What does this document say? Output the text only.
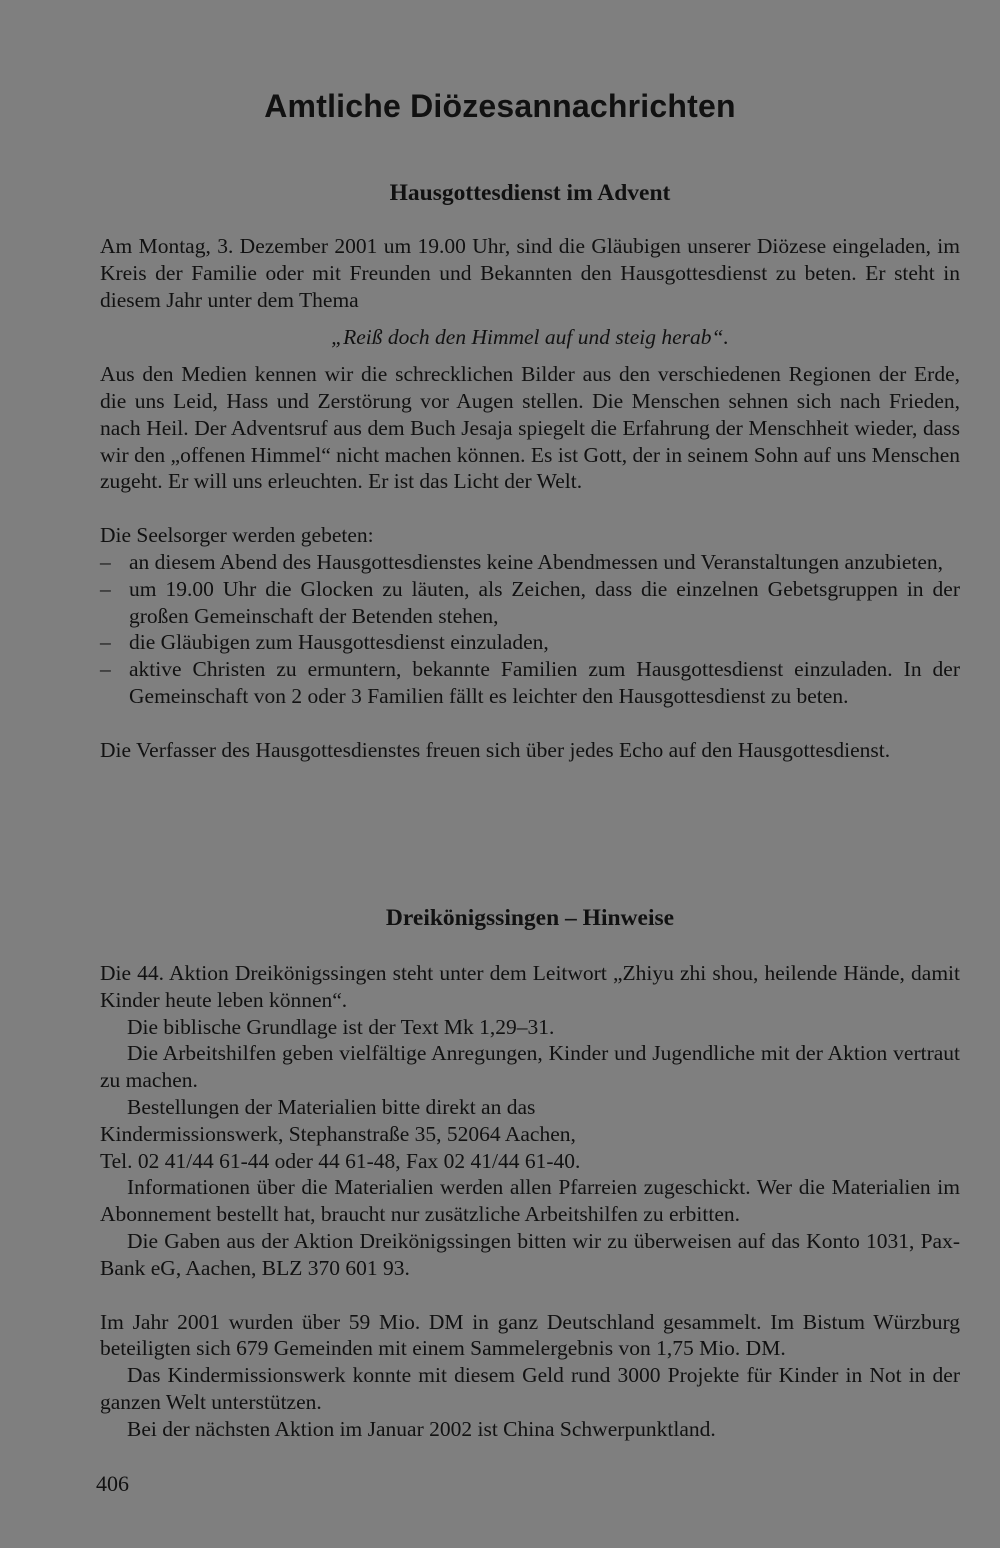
Amtliche Diözesannachrichten
Hausgottesdienst im Advent

Am Montag, 3. Dezember 2001 um 19.00 Uhr, sind die Gläubigen unserer Diözese eingeladen, im Kreis der Familie oder mit Freunden und Bekannten den Hausgottesdienst zu beten. Er steht in diesem Jahr unter dem Thema

„Reiß doch den Himmel auf und steig herab“.

Aus den Medien kennen wir die schrecklichen Bilder aus den verschiedenen Regionen der Erde, die uns Leid, Hass und Zerstörung vor Augen stellen. Die Menschen sehnen sich nach Frieden, nach Heil. Der Adventsruf aus dem Buch Jesaja spiegelt die Erfahrung der Menschheit wieder, dass wir den „offenen Himmel“ nicht machen können. Es ist Gott, der in seinem Sohn auf uns Menschen zugeht. Er will uns erleuchten. Er ist das Licht der Welt.

Die Seelsorger werden gebeten:

– an diesem Abend des Hausgottesdienstes keine Abendmessen und Veranstaltungen anzubieten,
– um 19.00 Uhr die Glocken zu läuten, als Zeichen, dass die einzelnen Gebetsgruppen in der großen Gemeinschaft der Betenden stehen,
– die Gläubigen zum Hausgottesdienst einzuladen,
– aktive Christen zu ermuntern, bekannte Familien zum Hausgottesdienst einzuladen. In der Gemeinschaft von 2 oder 3 Familien fällt es leichter den Hausgottesdienst zu beten.

Die Verfasser des Hausgottesdienstes freuen sich über jedes Echo auf den Hausgottesdienst.

Dreikönigssingen – Hinweise

Die 44. Aktion Dreikönigssingen steht unter dem Leitwort „Zhiyu zhi shou, heilende Hände, damit Kinder heute leben können“.

Die biblische Grundlage ist der Text Mk 1,29–31.

Die Arbeitshilfen geben vielfältige Anregungen, Kinder und Jugendliche mit der Aktion vertraut zu machen.

Bestellungen der Materialien bitte direkt an das

Kindermissionswerk, Stephanstraße 35, 52064 Aachen,

Tel. 02 41/44 61-44 oder 44 61-48, Fax 02 41/44 61-40.

Informationen über die Materialien werden allen Pfarreien zugeschickt. Wer die Materialien im Abonnement bestellt hat, braucht nur zusätzliche Arbeitshilfen zu erbitten.

Die Gaben aus der Aktion Dreikönigssingen bitten wir zu überweisen auf das Konto 1031, Pax-Bank eG, Aachen, BLZ 370 601 93.

Im Jahr 2001 wurden über 59 Mio. DM in ganz Deutschland gesammelt. Im Bistum Würzburg beteiligten sich 679 Gemeinden mit einem Sammelergebnis von 1,75 Mio. DM.

Das Kindermissionswerk konnte mit diesem Geld rund 3000 Projekte für Kinder in Not in der ganzen Welt unterstützen.

Bei der nächsten Aktion im Januar 2002 ist China Schwerpunktland.

406
